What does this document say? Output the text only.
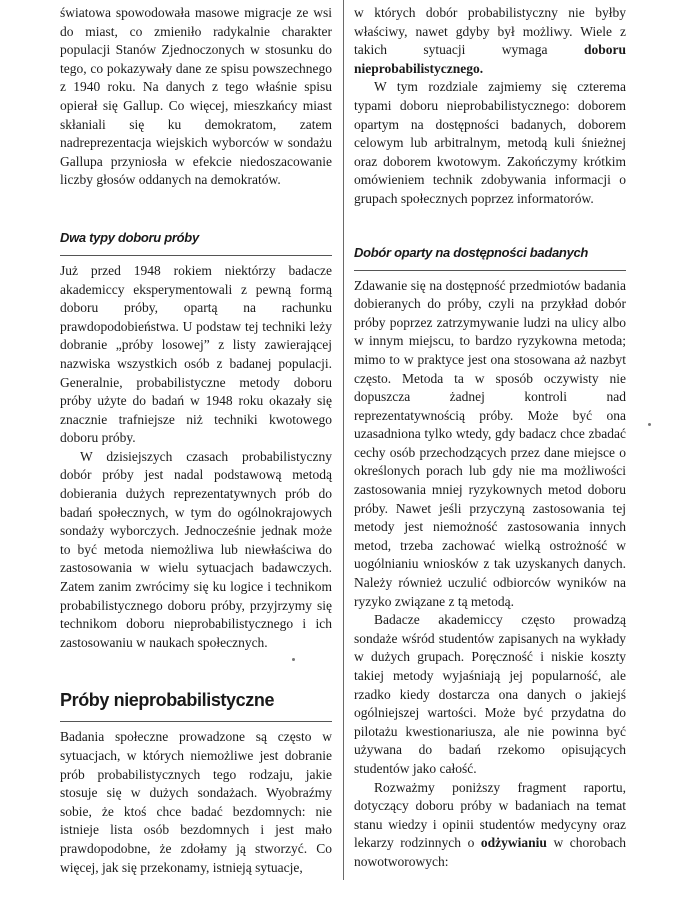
światowa spowodowała masowe migracje ze wsi do miast, co zmieniło radykalnie charakter populacji Stanów Zjednoczonych w stosunku do tego, co pokazywały dane ze spisu powszechnego z 1940 roku. Na danych z tego właśnie spisu opierał się Gallup. Co więcej, mieszkańcy miast skłaniali się ku demokratom, zatem nadreprezentacja wiejskich wyborców w sondażu Gallupa przyniosła w efekcie niedoszacowanie liczby głosów oddanych na demokratów.

Dwa typy doboru próby

Już przed 1948 rokiem niektórzy badacze akademiccy eksperymentowali z pewną formą doboru próby, opartą na rachunku prawdopodobieństwa. U podstaw tej techniki leży dobranie „próby losowej” z listy zawierającej nazwiska wszystkich osób z badanej populacji. Generalnie, probabilistyczne metody doboru próby użyte do badań w 1948 roku okazały się znacznie trafniejsze niż techniki kwotowego doboru próby.

W dzisiejszych czasach probabilistyczny dobór próby jest nadal podstawową metodą dobierania dużych reprezentatywnych prób do badań społecznych, w tym do ogólnokrajowych sondaży wyborczych. Jednocześnie jednak może to być metoda niemożliwa lub niewłaściwa do zastosowania w wielu sytuacjach badawczych. Zatem zanim zwrócimy się ku logice i technikom probabilistycznego doboru próby, przyjrzymy się technikom doboru nieprobabilistycznego i ich zastosowaniu w naukach społecznych.

Próby nieprobabilistyczne

Badania społeczne prowadzone są często w sytuacjach, w których niemożliwe jest dobranie prób probabilistycznych tego rodzaju, jakie stosuje się w dużych sondażach. Wyobraźmy sobie, że ktoś chce badać bezdomnych: nie istnieje lista osób bezdomnych i jest mało prawdopodobne, że zdołamy ją stworzyć. Co więcej, jak się przekonamy, istnieją sytuacje,

w których dobór probabilistyczny nie byłby właściwy, nawet gdyby był możliwy. Wiele z takich sytuacji wymaga doboru nieprobabilistycznego.

W tym rozdziale zajmiemy się czterema typami doboru nieprobabilistycznego: doborem opartym na dostępności badanych, doborem celowym lub arbitralnym, metodą kuli śnieżnej oraz doborem kwotowym. Zakończymy krótkim omówieniem technik zdobywania informacji o grupach społecznych poprzez informatorów.

Dobór oparty na dostępności badanych

Zdawanie się na dostępność przedmiotów badania dobieranych do próby, czyli na przykład dobór próby poprzez zatrzymywanie ludzi na ulicy albo w innym miejscu, to bardzo ryzykowna metoda; mimo to w praktyce jest ona stosowana aż nazbyt często. Metoda ta w sposób oczywisty nie dopuszcza żadnej kontroli nad reprezentatywnością próby. Może być ona uzasadniona tylko wtedy, gdy badacz chce zbadać cechy osób przechodzących przez dane miejsce o określonych porach lub gdy nie ma możliwości zastosowania mniej ryzykownych metod doboru próby. Nawet jeśli przyczyną zastosowania tej metody jest niemożność zastosowania innych metod, trzeba zachować wielką ostrożność w uogólnianiu wniosków z tak uzyskanych danych. Należy również uczulić odbiorców wyników na ryzyko związane z tą metodą.

Badacze akademiccy często prowadzą sondaże wśród studentów zapisanych na wykłady w dużych grupach. Poręczność i niskie koszty takiej metody wyjaśniają jej popularność, ale rzadko kiedy dostarcza ona danych o jakiejś ogólniejszej wartości. Może być przydatna do pilotażu kwestionariusza, ale nie powinna być używana do badań rzekomo opisujących studentów jako całość.

Rozważmy poniższy fragment raportu, dotyczący doboru próby w badaniach na temat stanu wiedzy i opinii studentów medycyny oraz lekarzy rodzinnych o odżywianiu w chorobach nowotworowych:
